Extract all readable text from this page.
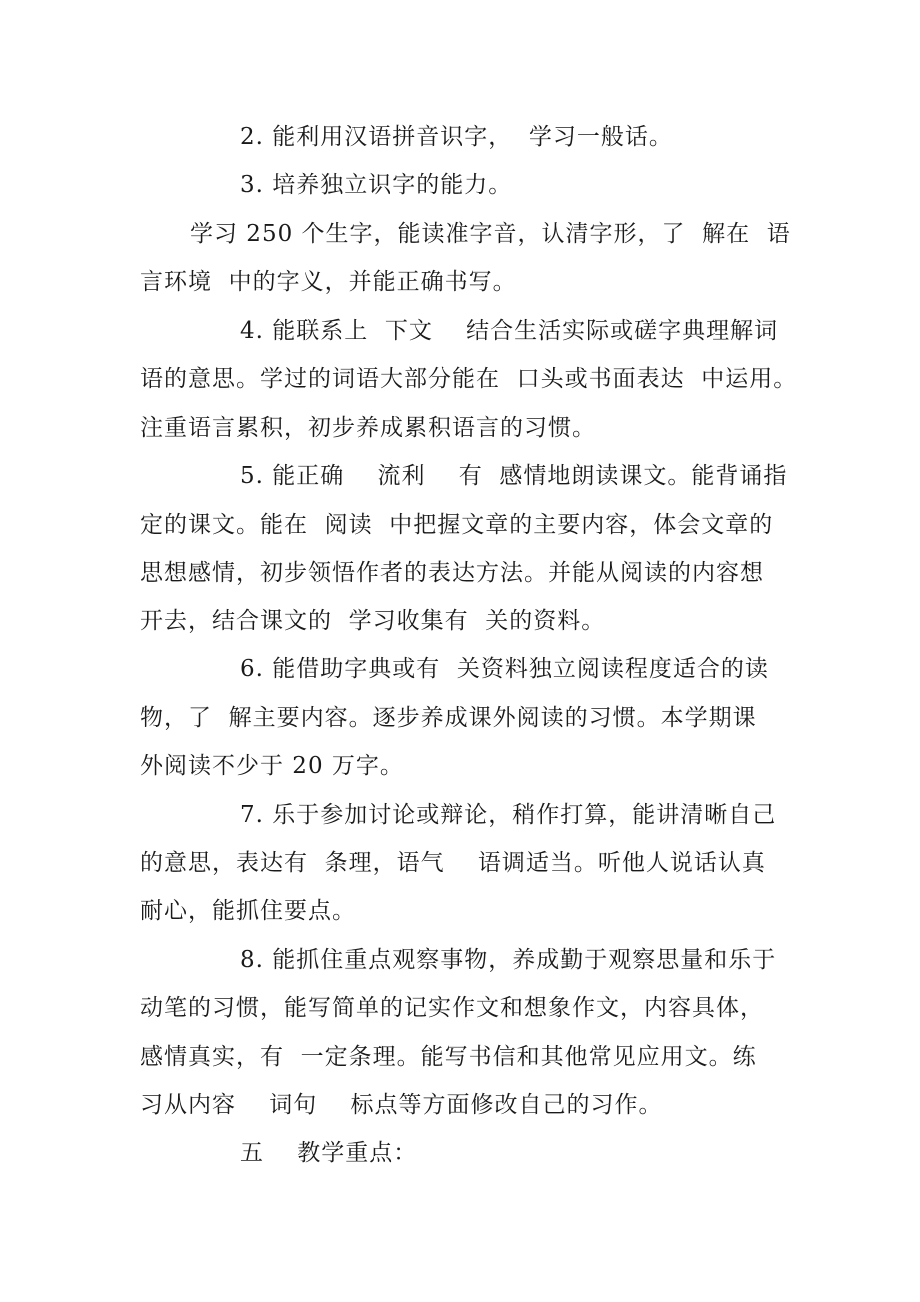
2. 能利用汉语拼音识字，  学习一般话。

3. 培养独立识字的能力。

学习 250 个生字，能读准字音，认清字形，了  解在  语

言环境  中的字义，并能正确书写。

4. 能联系上  下文    结合生活实际或磋字典理解词

语的意思。学过的词语大部分能在  口头或书面表达  中运用。

注重语言累积，初步养成累积语言的习惯。

5. 能正确    流利    有  感情地朗读课文。能背诵指

定的课文。能在  阅读  中把握文章的主要内容，体会文章的

思想感情，初步领悟作者的表达方法。并能从阅读的内容想

开去，结合课文的  学习收集有  关的资料。

6. 能借助字典或有  关资料独立阅读程度适合的读

物，了  解主要内容。逐步养成课外阅读的习惯。本学期课

外阅读不少于 20 万字。

7. 乐于参加讨论或辩论，稍作打算，能讲清晰自己

的意思，表达有  条理，语气    语调适当。听他人说话认真

耐心，能抓住要点。

8. 能抓住重点观察事物，养成勤于观察思量和乐于

动笔的习惯，能写简单的记实作文和想象作文，内容具体，

感情真实，有  一定条理。能写书信和其他常见应用文。练

习从内容    词句    标点等方面修改自己的习作。

五    教学重点：
